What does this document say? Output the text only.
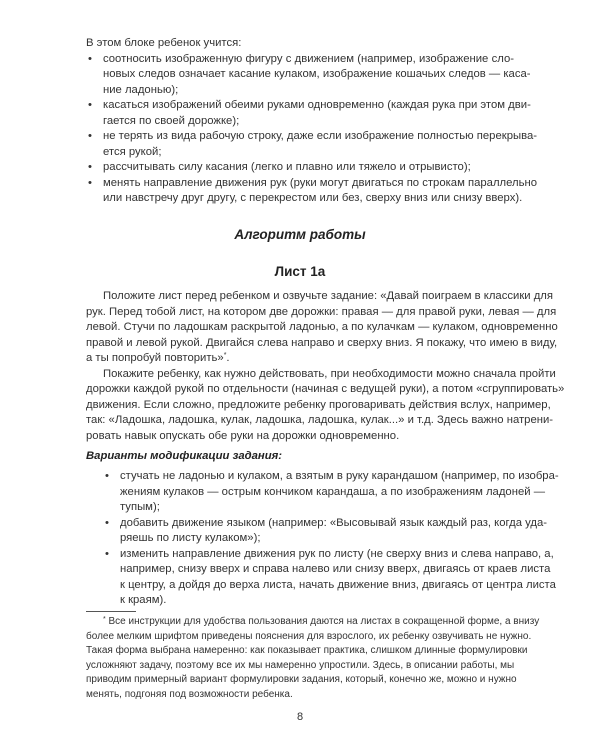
В этом блоке ребенок учится:
• соотносить изображенную фигуру с движением (например, изображение сло-
новых следов означает касание кулаком, изображение кошачьих следов — каса-
ние ладонью);
• касаться изображений обеими руками одновременно (каждая рука при этом дви-
гается по своей дорожке);
• не терять из вида рабочую строку, даже если изображение полностью перекрыва-
ется рукой;
• рассчитывать силу касания (легко и плавно или тяжело и отрывисто);
• менять направление движения рук (руки могут двигаться по строкам параллельно
или навстречу друг другу, с перекрестом или без, сверху вниз или снизу вверх).
Алгоритм работы
Лист 1а
Положите лист перед ребенком и озвучьте задание: «Давай поиграем в классики для
рук. Перед тобой лист, на котором две дорожки: правая — для правой руки, левая — для
левой. Стучи по ладошкам раскрытой ладонью, а по кулачкам — кулаком, одновременно
правой и левой рукой. Двигайся слева направо и сверху вниз. Я покажу, что имею в виду,
а ты попробуй повторить»*.
Покажите ребенку, как нужно действовать, при необходимости можно сначала пройти
дорожки каждой рукой по отдельности (начиная с ведущей руки), а потом «сгруппировать»
движения. Если сложно, предложите ребенку проговаривать действия вслух, например,
так: «Ладошка, ладошка, кулак, ладошка, ладошка, кулак...» и т.д. Здесь важно натрени-
ровать навык опускать обе руки на дорожки одновременно.
Варианты модификации задания:
• стучать не ладонью и кулаком, а взятым в руку карандашом (например, по изобра-
жениям кулаков — острым кончиком карандаша, а по изображениям ладоней —
тупым);
• добавить движение языком (например: «Высовывай язык каждый раз, когда уда-
ряешь по листу кулаком»);
• изменить направление движения рук по листу (не сверху вниз и слева направо, а,
например, снизу вверх и справа налево или снизу вверх, двигаясь от краев листа
к центру, а дойдя до верха листа, начать движение вниз, двигаясь от центра листа
к краям).
* Все инструкции для удобства пользования даются на листах в сокращенной форме, а внизу
более мелким шрифтом приведены пояснения для взрослого, их ребенку озвучивать не нужно.
Такая форма выбрана намеренно: как показывает практика, слишком длинные формулировки
усложняют задачу, поэтому все их мы намеренно упростили. Здесь, в описании работы, мы
приводим примерный вариант формулировки задания, который, конечно же, можно и нужно
менять, подгоняя под возможности ребенка.
8
